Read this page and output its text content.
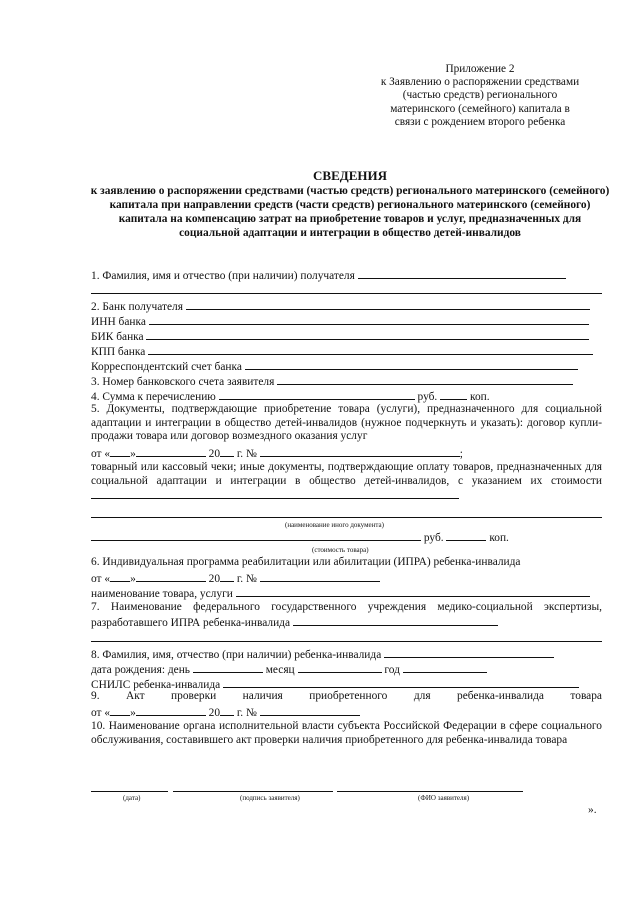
Приложение 2
к Заявлению о распоряжении средствами
(частью средств) регионального
материнского (семейного) капитала в
связи с рождением второго ребенка
СВЕДЕНИЯ
к заявлению о распоряжении средствами (частью средств) регионального материнского (семейного) капитала при направлении средств (части средств) регионального материнского (семейного) капитала на компенсацию затрат на приобретение товаров и услуг, предназначенных для социальной адаптации и интеграции в общество детей-инвалидов
1. Фамилия, имя и отчество (при наличии) получателя
2. Банк получателя
ИНН банка
БИК банка
КПП банка
Корреспондентский счет банка
3. Номер банковского счета заявителя
4. Сумма к перечислению	руб.	коп.
5. Документы, подтверждающие приобретение товара (услуги), предназначенного для социальной адаптации и интеграции в общество детей-инвалидов (нужное подчеркнуть и указать): договор купли-продажи товара или договор возмездного оказания услуг
от « »	20 г. №	;
товарный или кассовый чеки; иные документы, подтверждающие оплату товаров, предназначенных для социальной адаптации и интеграции в общество детей-инвалидов, с указанием их стоимости
(наименование иного документа)
руб.	коп.
(стоимость товара)
6. Индивидуальная программа реабилитации или абилитации (ИПРА) ребенка-инвалида
от « »	20 г. №
наименование товара, услуги
7. Наименование федерального государственного учреждения медико-социальной экспертизы, разработавшего ИПРА ребенка-инвалида
8. Фамилия, имя, отчество (при наличии) ребенка-инвалида
дата рождения: день	месяц	год
СНИЛС ребенка-инвалида
9. Акт проверки наличия приобретенного для ребенка-инвалида товара
от « »	20 г. №
10. Наименование органа исполнительной власти субъекта Российской Федерации в сфере социального обслуживания, составившего акт проверки наличия приобретенного для ребенка-инвалида товара
(дата)	(подпись заявителя)	(ФИО заявителя)
».
